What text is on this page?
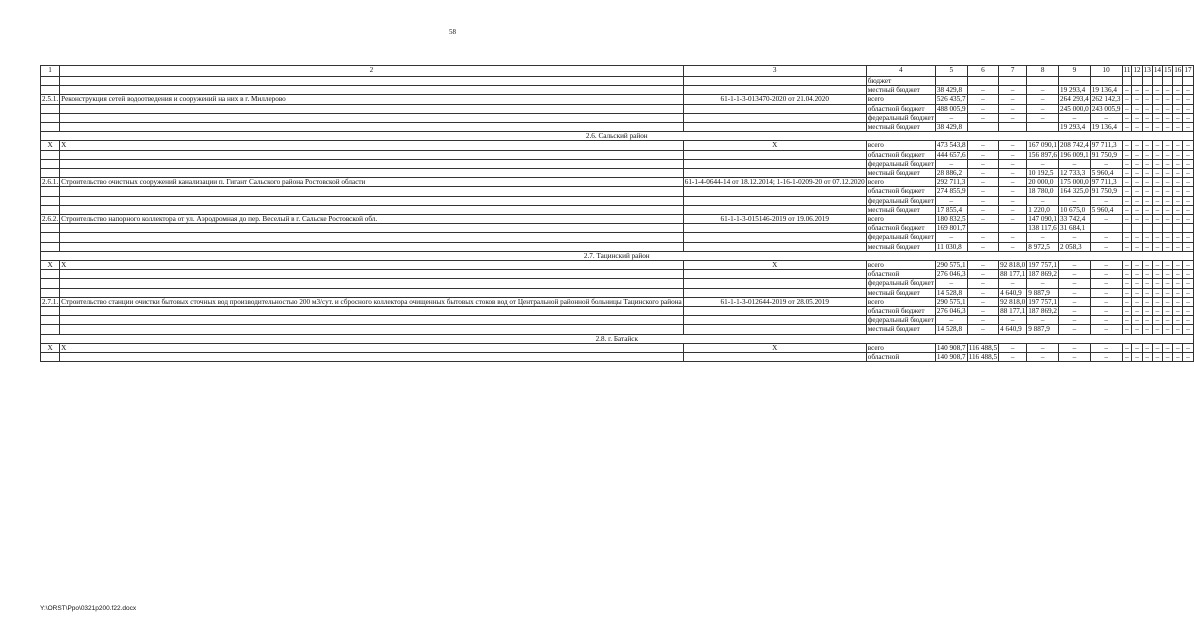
58
1	2	3	4	5	6	7	8	9	10	11	12	13	14	15	16	17
			бюджет													
			местный бюджет	38 429,8	–	–	–	19 293,4	19 136,4	–	–	–	–	–	–	–
2.5.1.	Реконструкция сетей водоотведения и сооружений на них в г. Миллерово	61-1-1-3-013470-2020 от 21.04.2020	всего	526 435,7	–	–	–	264 293,4	262 142,3	–	–	–	–	–	–	–
			областной бюджет	488 005,9	–	–	–	245 000,0	243 005,9	–	–	–	–	–	–	–
			федеральный бюджет	–	–	–	–	–	–	–	–	–	–	–	–	–
			местный бюджет	38 429,8				19 293,4	19 136,4	–	–	–	–	–	–	–
2.6. Сальский район																
Х	Х	Х	всего	473 543,8	–	–	167 090,1	208 742,4	97 711,3	–	–	–	–	–	–	–
			областной бюджет	444 657,6	–	–	156 897,6	196 009,1	91 750,9	–	–	–	–	–	–	–
			федеральный бюджет	–	–	–	–	–	–	–	–	–	–	–	–	–
			местный бюджет	28 886,2	–	–	10 192,5	12 733,3	5 960,4	–	–	–	–	–	–	–
2.6.1.	Строительство очистных сооружений канализации п. Гигант Сальского района Ростовской области	61-1-4-0644-14 от 18.12.2014; 1-16-1-0209-20 от 07.12.2020	всего	292 711,3	–	–	20 000,0	175 000,0	97 711,3	–	–	–	–	–	–	–
			областной бюджет	274 855,9	–	–	18 780,0	164 325,0	91 750,9	–	–	–	–	–	–	–
			федеральный бюджет	–	–	–	–	–	–	–	–	–	–	–	–	–
			местный бюджет	17 855,4	–	–	1 220,0	10 675,0	5 960,4	–	–	–	–	–	–	–
2.6.2.	Строительство напорного коллектора от ул. Аэродромная до пер. Веселый в г. Сальске Ростовской обл.	61-1-1-3-015146-2019 от 19.06.2019	всего	180 832,5	–	–	147 090,1	33 742,4	–	–	–	–	–	–	–	–
			областной бюджет	169 801,7			138 117,6	31 684,1								
			федеральный бюджет	–	–	–	–	–	–	–	–	–	–	–	–	–
			местный бюджет	11 030,8	–	–	8 972,5	2 058,3	–	–	–	–	–	–	–	–
2.7. Тацинский район																
Х	Х	Х	всего	290 575,1	–	92 818,0	197 757,1	–	–	–	–	–	–	–	–	–
			областной	276 046,3	–	88 177,1	187 869,2	–	–	–	–	–	–	–	–	–
			федеральный бюджет	–	–	–	–	–	–	–	–	–	–	–	–	–
			местный бюджет	14 528,8	–	4 640,9	9 887,9	–	–	–	–	–	–	–	–	–
2.7.1.	Строительство станции очистки бытовых сточных вод производительностью 200 м3/сут. и сбросного коллектора очищенных бытовых стоков вод от Центральной районной больницы Тацинского района	61-1-1-3-012644-2019 от 28.05.2019	всего	290 575,1	–	92 818,0	197 757,1	–	–	–	–	–	–	–	–	–
			областной бюджет	276 046,3	–	88 177,1	187 869,2	–	–	–	–	–	–	–	–	–
			федеральный бюджет	–	–	–	–	–	–	–	–	–	–	–	–	–
			местный бюджет	14 528,8	–	4 640,9	9 887,9	–	–	–	–	–	–	–	–	–
2.8. г. Батайск																
Х	Х	Х	всего	140 908,7	116 488,5	–	–	–	–	–	–	–	–	–	–	–
			областной	140 908,7	116 488,5	–	–	–	–	–	–	–	–	–	–	–
Y:\ORST\Ppo\0321p200.f22.docx
